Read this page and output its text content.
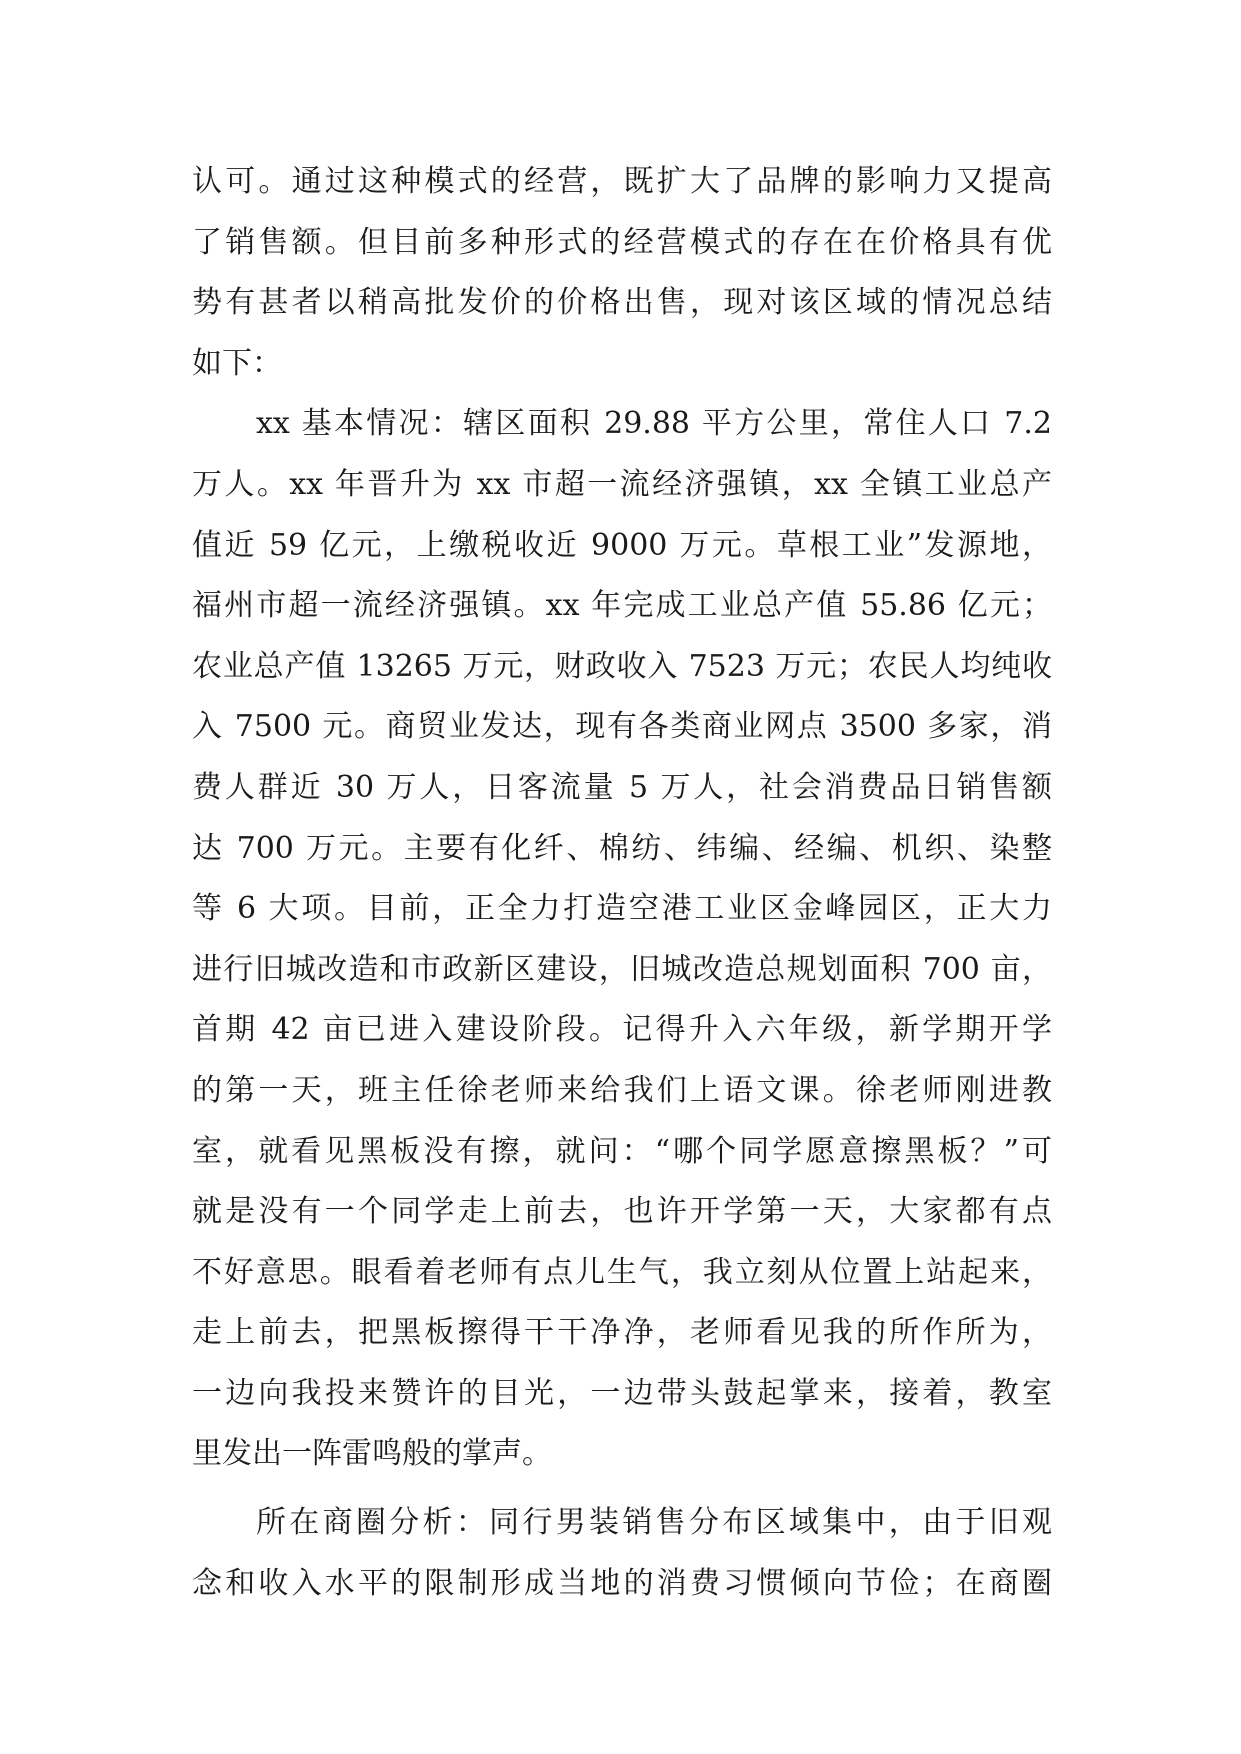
认可。通过这种模式的经营，既扩大了品牌的影响力又提高
了销售额。但目前多种形式的经营模式的存在在价格具有优
势有甚者以稍高批发价的价格出售，现对该区域的情况总结
如下：
xx 基本情况：辖区面积 29.88 平方公里，常住人口 7.2
万人。xx 年晋升为 xx 市超一流经济强镇，xx 全镇工业总产
值近 59 亿元，上缴税收近 9000 万元。草根工业”发源地，
福州市超一流经济强镇。xx 年完成工业总产值 55.86 亿元；
农业总产值 13265 万元，财政收入 7523 万元；农民人均纯收
入 7500 元。商贸业发达，现有各类商业网点 3500 多家，消
费人群近 30 万人，日客流量 5 万人，社会消费品日销售额
达 700 万元。主要有化纤、棉纺、纬编、经编、机织、染整
等 6 大项。目前，正全力打造空港工业区金峰园区，正大力
进行旧城改造和市政新区建设，旧城改造总规划面积 700 亩，
首期 42 亩已进入建设阶段。记得升入六年级，新学期开学
的第一天，班主任徐老师来给我们上语文课。徐老师刚进教
室，就看见黑板没有擦，就问：“哪个同学愿意擦黑板？”可
就是没有一个同学走上前去，也许开学第一天，大家都有点
不好意思。眼看着老师有点儿生气，我立刻从位置上站起来，
走上前去，把黑板擦得干干净净，老师看见我的所作所为，
一边向我投来赞许的目光，一边带头鼓起掌来，接着，教室
里发出一阵雷鸣般的掌声。
所在商圈分析：同行男装销售分布区域集中，由于旧观
念和收入水平的限制形成当地的消费习惯倾向节俭；在商圈
